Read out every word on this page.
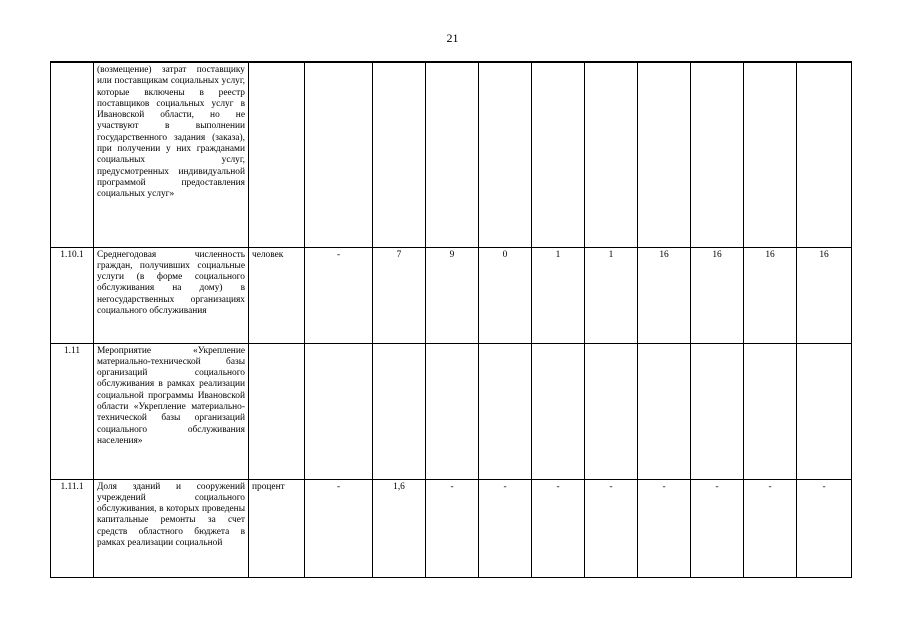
21
	(возмещение) затрат поставщику или поставщикам социальных услуг, которые включены в реестр поставщиков социальных услуг в Ивановской области, но не участвуют в выполнении государственного задания (заказа), при получении у них гражданами социальных услуг, предусмотренных индивидуальной программой предоставления социальных услуг»											
1.10.1	Среднегодовая численность граждан, получивших социальные услуги (в форме социального обслуживания на дому) в негосударственных организациях социального обслуживания	человек	-	7	9	0	1	1	16	16	16	16
1.11	Мероприятие «Укрепление материально-технической базы организаций социального обслуживания в рамках реализации социальной программы Ивановской области «Укрепление материально-технической базы организаций социального обслуживания населения»											
1.11.1	Доля зданий и сооружений учреждений социального обслуживания, в которых проведены капитальные ремонты за счет средств областного бюджета в рамках реализации социальной	процент	-	1,6	-	-	-	-	-	-	-	-
